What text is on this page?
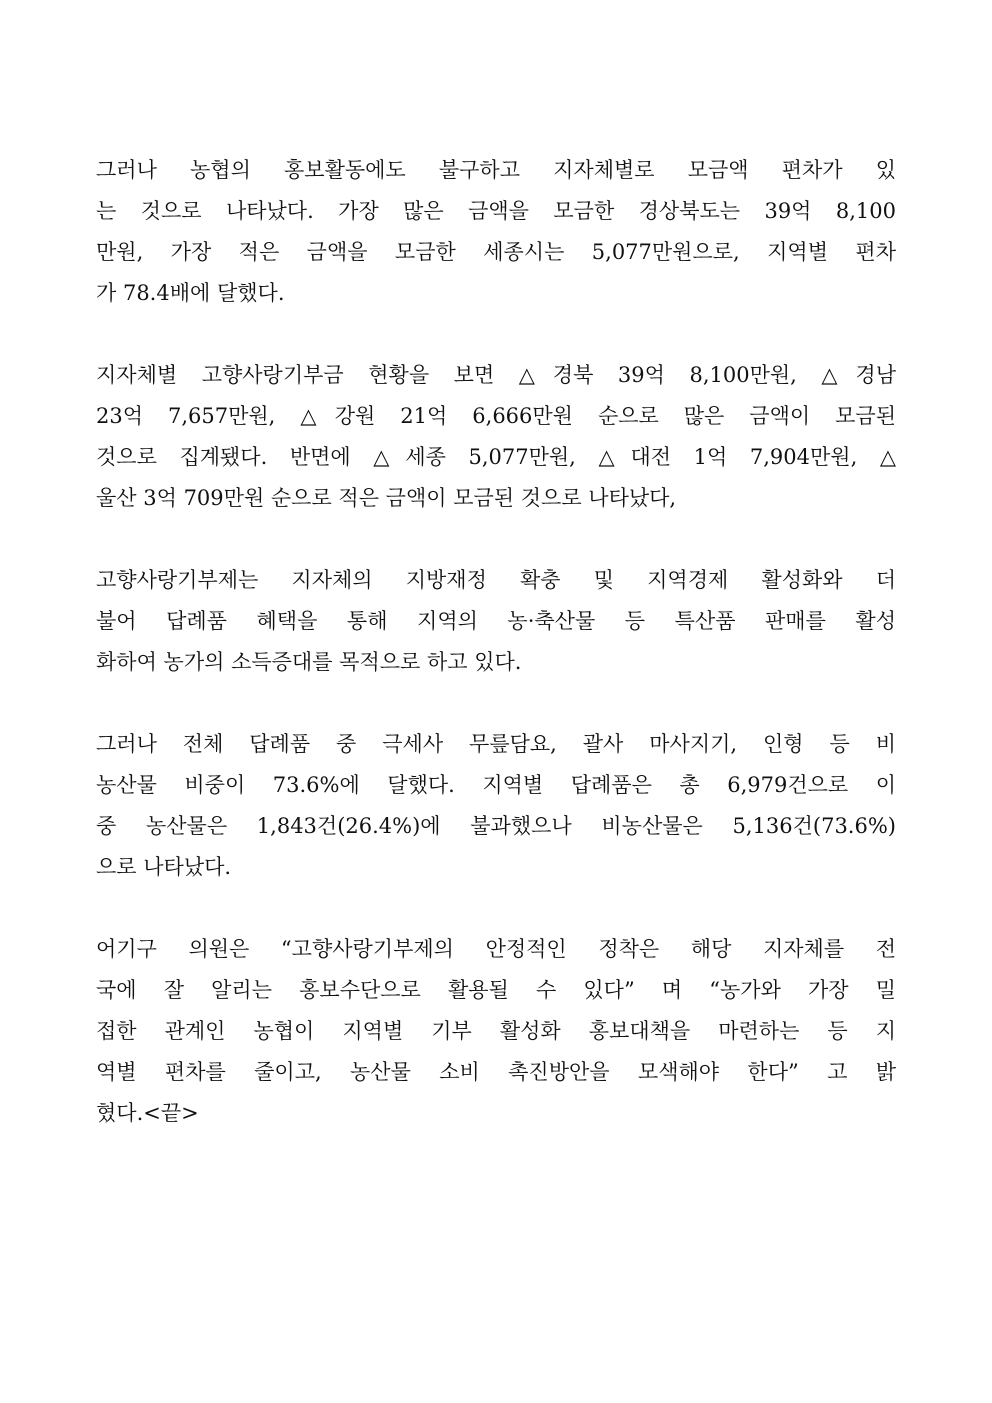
그러나 농협의 홍보활동에도 불구하고 지자체별로 모금액 편차가 있
는 것으로 나타났다. 가장 많은 금액을 모금한 경상북도는 39억 8,100
만원, 가장 적은 금액을 모금한 세종시는 5,077만원으로, 지역별 편차
가 78.4배에 달했다.
지자체별 고향사랑기부금 현황을 보면 △경북 39억 8,100만원, △경남
23억 7,657만원, △강원 21억 6,666만원 순으로 많은 금액이 모금된
것으로 집계됐다. 반면에 △세종 5,077만원, △대전 1억 7,904만원, △
울산 3억 709만원 순으로 적은 금액이 모금된 것으로 나타났다,
고향사랑기부제는 지자체의 지방재정 확충 및 지역경제 활성화와 더
불어 답례품 혜택을 통해 지역의 농·축산물 등 특산품 판매를 활성
화하여 농가의 소득증대를 목적으로 하고 있다.
그러나 전체 답례품 중 극세사 무릎담요, 괄사 마사지기, 인형 등 비
농산물 비중이 73.6%에 달했다. 지역별 답례품은 총 6,979건으로 이
중 농산물은 1,843건(26.4%)에 불과했으나 비농산물은 5,136건(73.6%)
으로 나타났다.
어기구 의원은 “고향사랑기부제의 안정적인 정착은 해당 지자체를 전
국에 잘 알리는 홍보수단으로 활용될 수 있다” 며 “농가와 가장 밀
접한 관계인 농협이 지역별 기부 활성화 홍보대책을 마련하는 등 지
역별 편차를 줄이고, 농산물 소비 촉진방안을 모색해야 한다” 고 밝
혔다.<끝>
